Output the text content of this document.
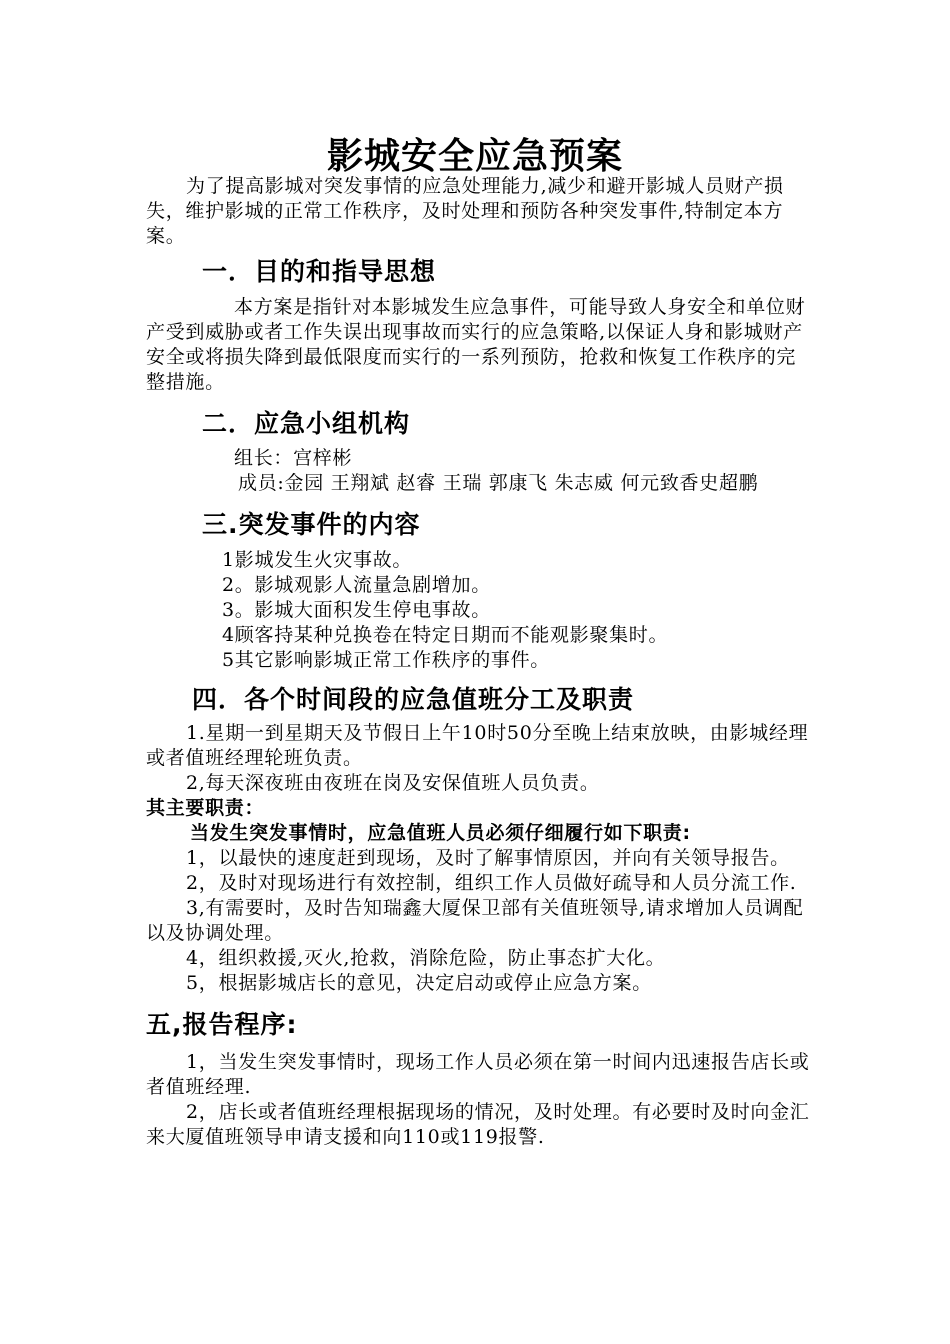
影城安全应急预案

为了提高影城对突发事情的应急处理能力,减少和避开影城人员财产损失，维护影城的正常工作秩序，及时处理和预防各种突发事件,特制定本方案。

一．目的和指导思想

本方案是指针对本影城发生应急事件，可能导致人身安全和单位财产受到威胁或者工作失误出现事故而实行的应急策略,以保证人身和影城财产安全或将损失降到最低限度而实行的一系列预防，抢救和恢复工作秩序的完整措施。

二．应急小组机构

组长：宫梓彬

成员:金园 王翔斌 赵睿 王瑞 郭康飞 朱志威 何元致香史超鹏

三.突发事件的内容

1影城发生火灾事故。

2。影城观影人流量急剧增加。

3。影城大面积发生停电事故。

4顾客持某种兑换卷在特定日期而不能观影聚集时。

5其它影响影城正常工作秩序的事件。

四．各个时间段的应急值班分工及职责

1.星期一到星期天及节假日上午10时50分至晚上结束放映，由影城经理或者值班经理轮班负责。

2,每天深夜班由夜班在岗及安保值班人员负责。

其主要职责：

当发生突发事情时，应急值班人员必须仔细履行如下职责:

1，以最快的速度赶到现场，及时了解事情原因，并向有关领导报告。

2，及时对现场进行有效控制，组织工作人员做好疏导和人员分流工作.

3,有需要时，及时告知瑞鑫大厦保卫部有关值班领导,请求增加人员调配以及协调处理。

4，组织救援,灭火,抢救，消除危险，防止事态扩大化。

5，根据影城店长的意见，决定启动或停止应急方案。

五,报告程序:

1，当发生突发事情时，现场工作人员必须在第一时间内迅速报告店长或者值班经理.

2，店长或者值班经理根据现场的情况，及时处理。有必要时及时向金汇来大厦值班领导申请支援和向110或119报警.
